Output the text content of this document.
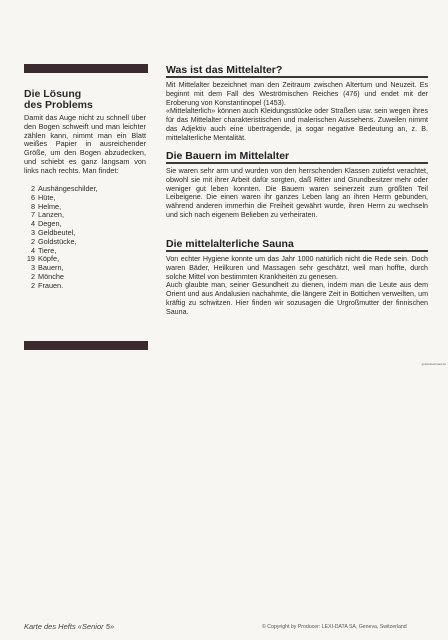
Die Lösung
des Problems

Damit das Auge nicht zu schnell über den Bogen schweift und man leichter zählen kann, nimmt man ein Blatt weißes Papier in ausreichender Größe, um den Bogen abzudecken, und schiebt es ganz langsam von links nach rechts. Man findet:

2 Aushängeschilder,
6 Hüte,
8 Helme,
7 Lanzen,
4 Degen,
3 Geldbeutel,
2 Goldstücke,
4 Tiere,
19 Köpfe,
3 Bauern,
2 Mönche
2 Frauen.
Was ist das Mittelalter?

Mit Mittelalter bezeichnet man den Zeitraum zwischen Altertum und Neuzeit. Es beginnt mit dem Fall des Weströmischen Reiches (476) und endet mit der Eroberung von Konstantinopel (1453).

«Mittelalterlich» können auch Kleidungsstücke oder Straßen usw. sein wegen ihres für das Mittelalter charakteristischen und malerischen Aussehens. Zuweilen nimmt das Adjektiv auch eine übertragende, ja sogar negative Bedeutung an, z. B. mittelalterliche Mentalität.

Die Bauern im Mittelalter

Sie waren sehr arm und wurden von den herrschenden Klassen zutiefst verachtet, obwohl sie mit ihrer Arbeit dafür sorgten, daß Ritter und Grundbesitzer mehr oder weniger gut leben konnten. Die Bauern waren seinerzeit zum größten Teil Leibeigene. Die einen waren ihr ganzes Leben lang an ihren Herrn gebunden, während anderen immerhin die Freiheit gewährt wurde, ihren Herrn zu wechseln und sich nach eigenem Belieben zu verheiraten.

Die mittelalterliche Sauna

Von echter Hygiene konnte um das Jahr 1000 natürlich nicht die Rede sein. Doch waren Bäder, Heilkuren und Massagen sehr geschätzt, weil man hoffte, durch solche Mittel von bestimmten Krankheiten zu genesen.

Auch glaubte man, seiner Gesundheit zu dienen, indem man die Leute aus dem Orient und aus Andalusien nachahmte, die längere Zeit in Bottichen verweilten, um kräftig zu schwitzen. Hier finden wir sozusagen die Urgroßmutter der finnischen Sauna.

gratisdownload.de
Karte des Hefts «Senior 5»	© Copyright by Producer: LEXI-DATA SA, Geneva, Switzerland
